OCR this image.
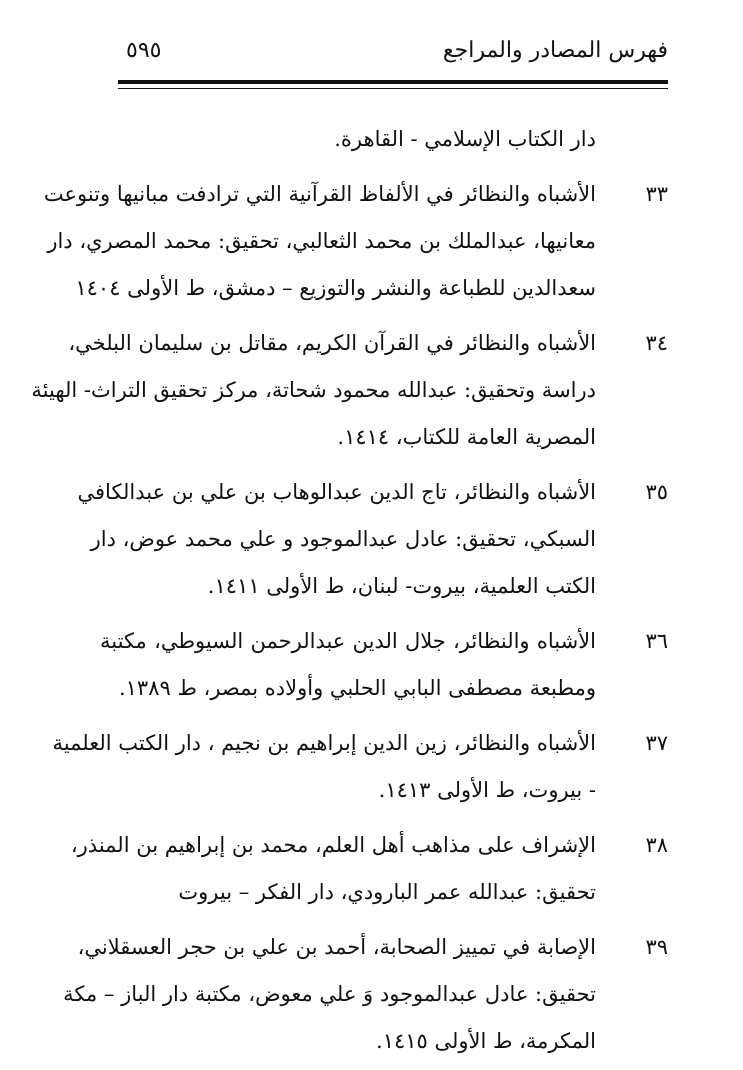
فهرس المصادر والمراجع
٥٩٥
دار الكتاب الإسلامي - القاهرة.
٣٣
الأشباه والنظائر في الألفاظ القرآنية التي ترادفت مبانيها وتنوعت
معانيها، عبدالملك بن محمد الثعالبي، تحقيق: محمد المصري، دار
سعدالدين للطباعة والنشر والتوزيع – دمشق، ط الأولى ١٤٠٤
٣٤
الأشباه والنظائر في القرآن الكريم، مقاتل بن سليمان البلخي،
دراسة وتحقيق: عبدالله محمود شحاتة، مركز تحقيق التراث- الهيئة
المصرية العامة للكتاب، ١٤١٤.
٣٥
الأشباه والنظائر، تاج الدين عبدالوهاب بن علي بن عبدالكافي
السبكي، تحقيق: عادل عبدالموجود و علي محمد عوض، دار
الكتب العلمية، بيروت- لبنان، ط الأولى ١٤١١.
٣٦
الأشباه والنظائر، جلال الدين عبدالرحمن السيوطي، مكتبة
ومطبعة مصطفى البابي الحلبي وأولاده بمصر، ط ١٣٨٩.
٣٧
الأشباه والنظائر، زين الدين إبراهيم بن نجيم ، دار الكتب العلمية
- بيروت، ط الأولى ١٤١٣.
٣٨
الإشراف على مذاهب أهل العلم، محمد بن إبراهيم بن المنذر،
تحقيق: عبدالله عمر البارودي، دار الفكر – بيروت
٣٩
الإصابة في تمييز الصحابة، أحمد بن علي بن حجر العسقلاني،
تحقيق: عادل عبدالموجود وَ علي معوض، مكتبة دار الباز – مكة
المكرمة، ط الأولى ١٤١٥.
